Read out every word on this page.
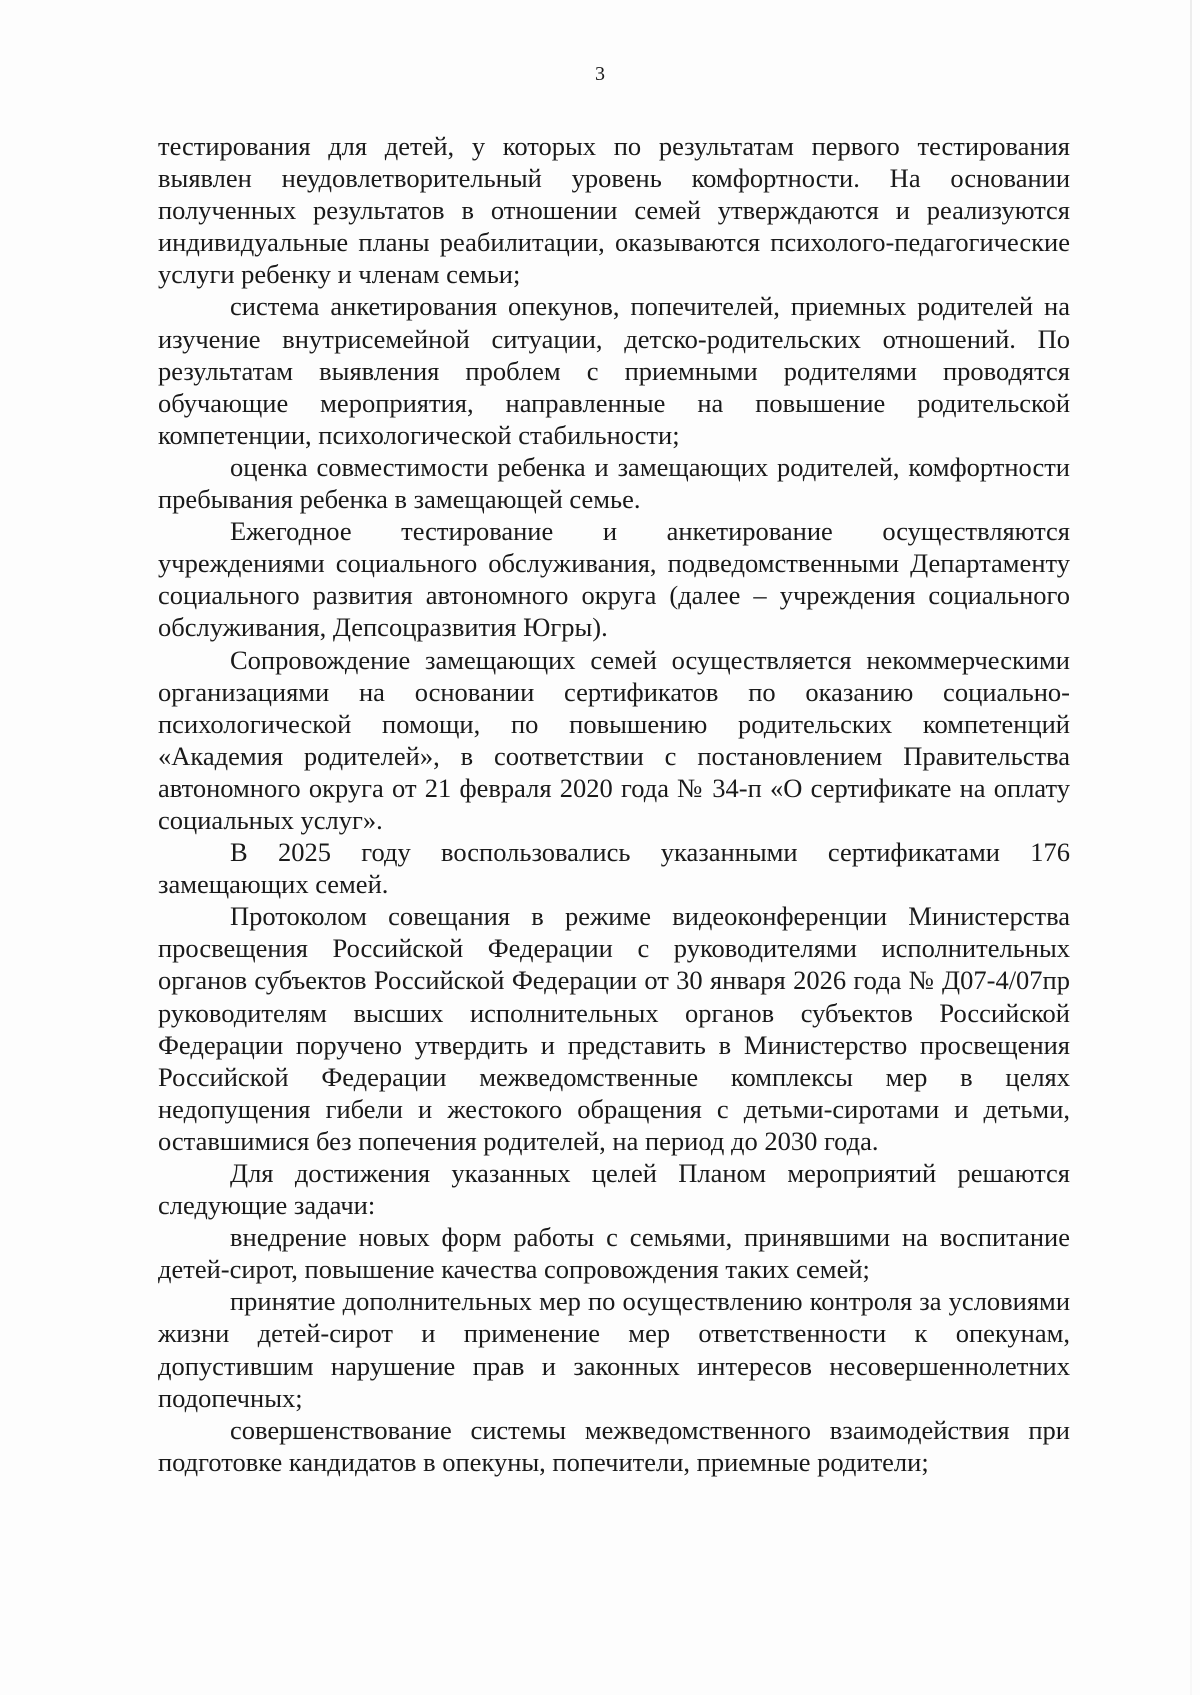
3

тестирования для детей, у которых по результатам первого тестирования выявлен неудовлетворительный уровень комфортности. На основании полученных результатов в отношении семей утверждаются и реализуются индивидуальные планы реабилитации, оказываются психолого-педагогические услуги ребенку и членам семьи;

система анкетирования опекунов, попечителей, приемных родителей на изучение внутрисемейной ситуации, детско-родительских отношений. По результатам выявления проблем с приемными родителями проводятся обучающие мероприятия, направленные на повышение родительской компетенции, психологической стабильности;

оценка совместимости ребенка и замещающих родителей, комфортности пребывания ребенка в замещающей семье.

Ежегодное тестирование и анкетирование осуществляются учреждениями социального обслуживания, подведомственными Департаменту социального развития автономного округа (далее – учреждения социального обслуживания, Депсоцразвития Югры).

Сопровождение замещающих семей осуществляется некоммерческими организациями на основании сертификатов по оказанию социально-психологической помощи, по повышению родительских компетенций «Академия родителей», в соответствии с постановлением Правительства автономного округа от 21 февраля 2020 года № 34-п «О сертификате на оплату социальных услуг».

В 2025 году воспользовались указанными сертификатами 176 замещающих семей.

Протоколом совещания в режиме видеоконференции Министерства просвещения Российской Федерации с руководителями исполнительных органов субъектов Российской Федерации от 30 января 2026 года № Д07-4/07пр руководителям высших исполнительных органов субъектов Российской Федерации поручено утвердить и представить в Министерство просвещения Российской Федерации межведомственные комплексы мер в целях недопущения гибели и жестокого обращения с детьми-сиротами и детьми, оставшимися без попечения родителей, на период до 2030 года.

Для достижения указанных целей Планом мероприятий решаются следующие задачи:

внедрение новых форм работы с семьями, принявшими на воспитание детей-сирот, повышение качества сопровождения таких семей;

принятие дополнительных мер по осуществлению контроля за условиями жизни детей-сирот и применение мер ответственности к опекунам, допустившим нарушение прав и законных интересов несовершеннолетних подопечных;

совершенствование системы межведомственного взаимодействия при подготовке кандидатов в опекуны, попечители, приемные родители;
